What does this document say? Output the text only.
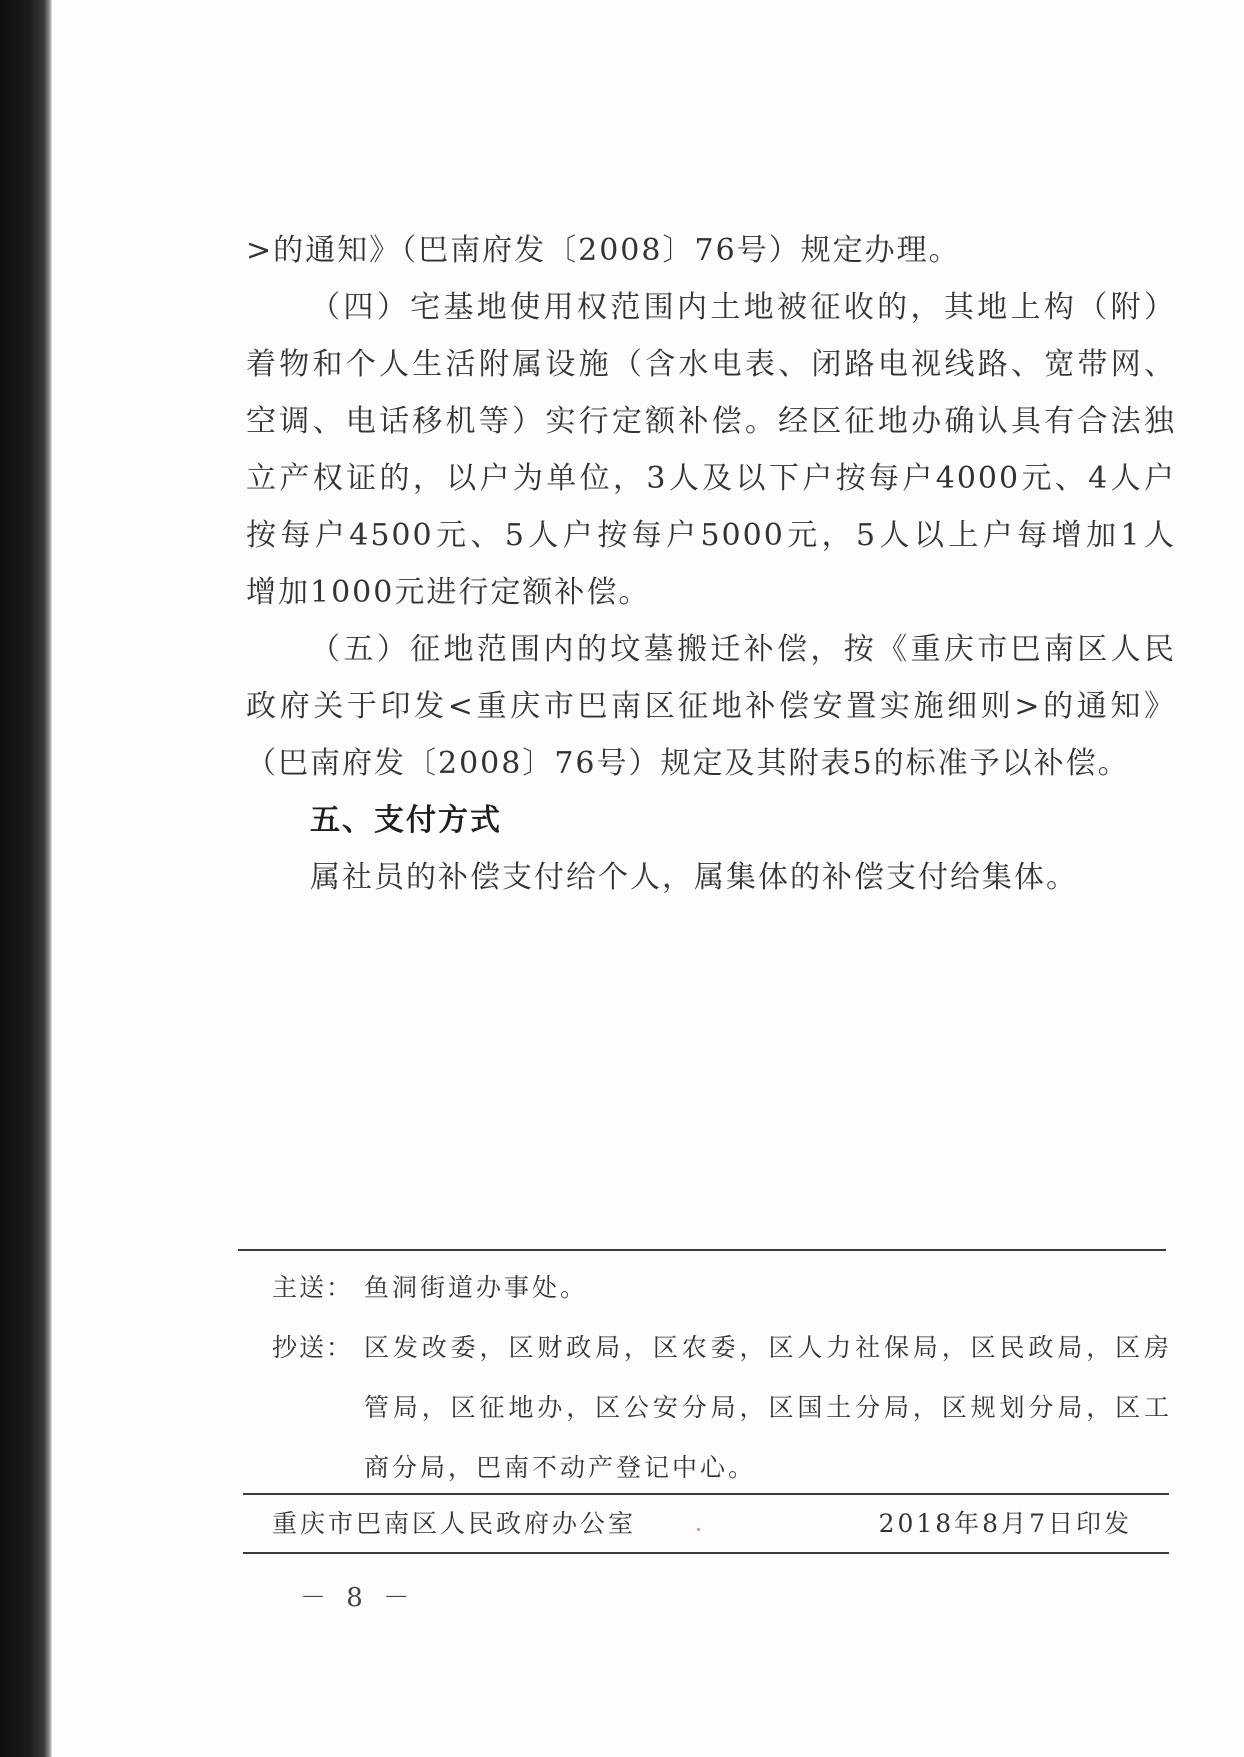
>的通知》（巴南府发〔2008〕76号）规定办理。
（四）宅基地使用权范围内土地被征收的，其地上构（附）
着物和个人生活附属设施（含水电表、闭路电视线路、宽带网、
空调、电话移机等）实行定额补偿。经区征地办确认具有合法独
立产权证的，以户为单位，3人及以下户按每户4000元、4人户
按每户4500元、5人户按每户5000元，5人以上户每增加1人
增加1000元进行定额补偿。
（五）征地范围内的坟墓搬迁补偿，按《重庆市巴南区人民
政府关于印发<重庆市巴南区征地补偿安置实施细则>的通知》
（巴南府发〔2008〕76号）规定及其附表5的标准予以补偿。
五、支付方式
属社员的补偿支付给个人，属集体的补偿支付给集体。
主送： 鱼洞街道办事处。
抄送： 区发改委，区财政局，区农委，区人力社保局，区民政局，区房
管局，区征地办，区公安分局，区国土分局，区规划分局，区工
商分局，巴南不动产登记中心。
重庆市巴南区人民政府办公室	2018年8月7日印发
－ 8 －
